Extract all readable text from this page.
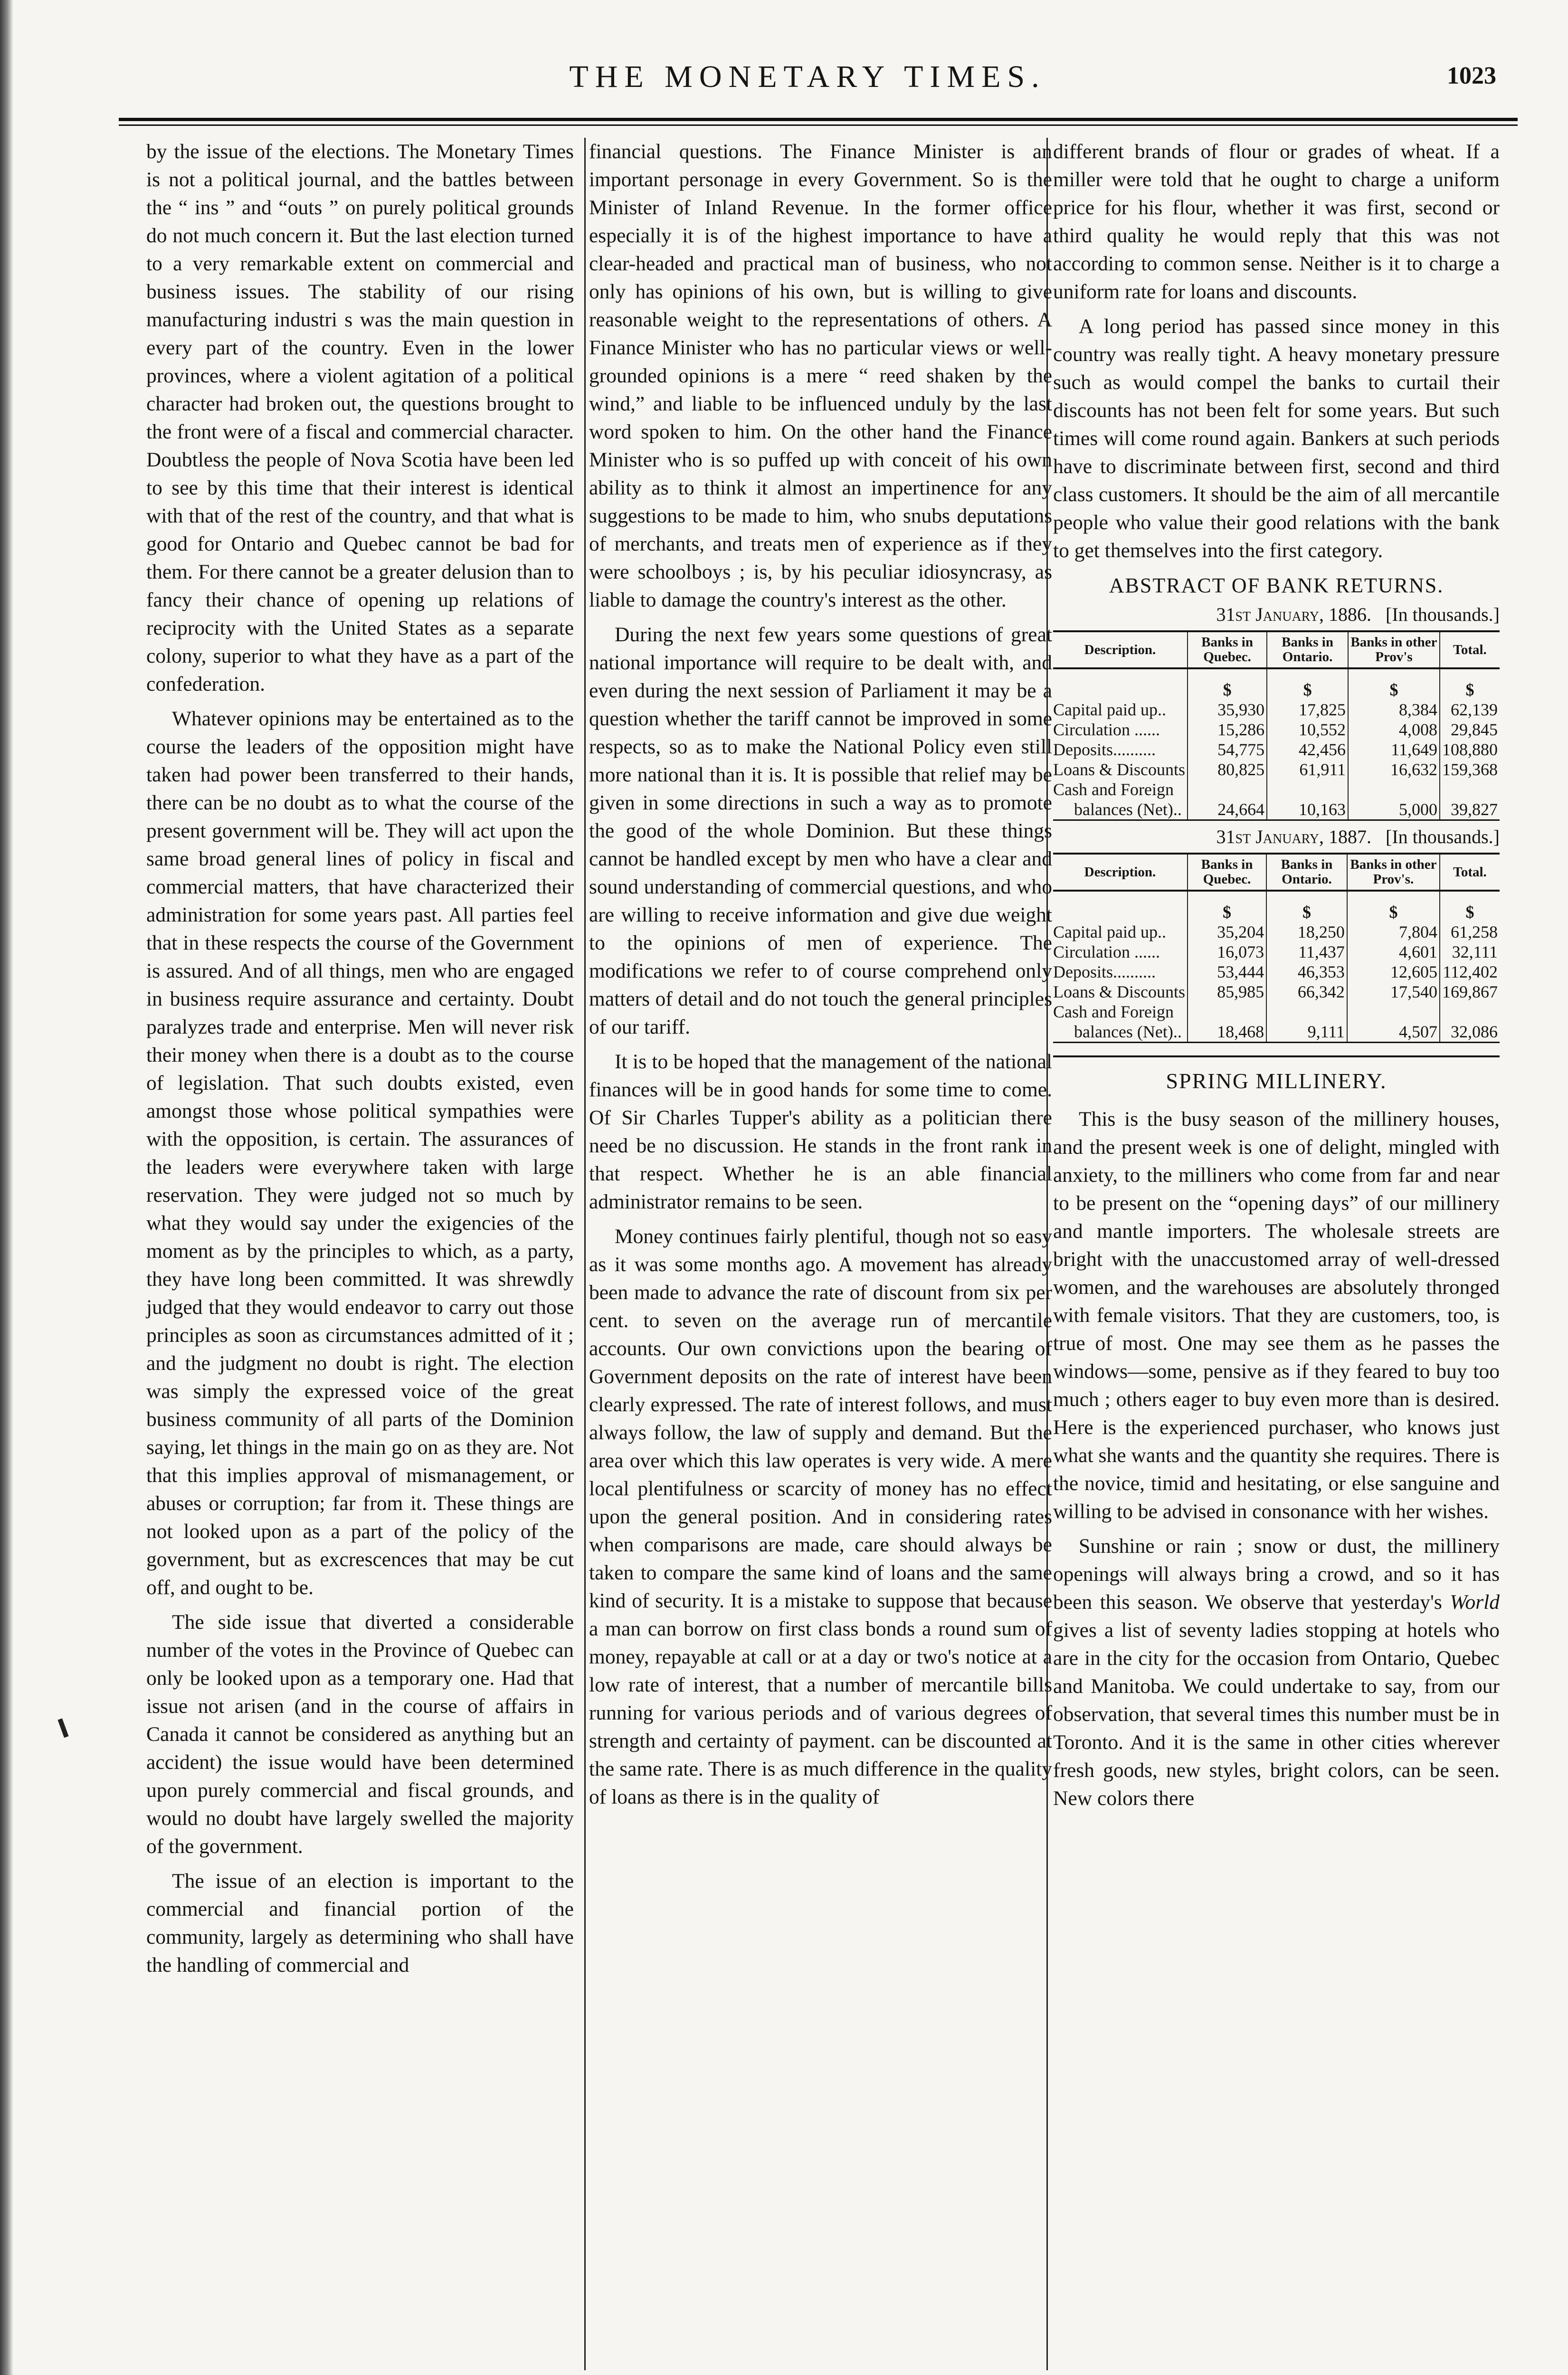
THE MONETARY TIMES.	1023

by the issue of the elections. The Monetary Times is not a political journal, and the battles between the “ ins ” and “outs ” on purely political grounds do not much concern it. But the last election turned to a very remarkable extent on commercial and business issues. The stability of our rising manufacturing industri s was the main question in every part of the country. Even in the lower provinces, where a violent agitation of a political character had broken out, the questions brought to the front were of a fiscal and commercial character. Doubtless the people of Nova Scotia have been led to see by this time that their interest is identical with that of the rest of the country, and that what is good for Ontario and Quebec cannot be bad for them. For there cannot be a greater delusion than to fancy their chance of opening up relations of reciprocity with the United States as a separate colony, superior to what they have as a part of the confederation.

Whatever opinions may be entertained as to the course the leaders of the opposition might have taken had power been transferred to their hands, there can be no doubt as to what the course of the present government will be. They will act upon the same broad general lines of policy in fiscal and commercial matters, that have characterized their administration for some years past. All parties feel that in these respects the course of the Government is assured. And of all things, men who are engaged in business require assurance and certainty. Doubt paralyzes trade and enterprise. Men will never risk their money when there is a doubt as to the course of legislation. That such doubts existed, even amongst those whose political sympathies were with the opposition, is certain. The assurances of the leaders were everywhere taken with large reservation. They were judged not so much by what they would say under the exigencies of the moment as by the principles to which, as a party, they have long been committed. It was shrewdly judged that they would endeavor to carry out those principles as soon as circumstances admitted of it ; and the judgment no doubt is right. The election was simply the expressed voice of the great business community of all parts of the Dominion saying, let things in the main go on as they are. Not that this implies approval of mismanagement, or abuses or corruption; far from it. These things are not looked upon as a part of the policy of the government, but as excrescences that may be cut off, and ought to be.

The side issue that diverted a considerable number of the votes in the Province of Quebec can only be looked upon as a temporary one. Had that issue not arisen (and in the course of affairs in Canada it cannot be considered as anything but an accident) the issue would have been determined upon purely commercial and fiscal grounds, and would no doubt have largely swelled the majority of the government.

The issue of an election is important to the commercial and financial portion of the community, largely as determining who shall have the handling of commercial and

financial questions. The Finance Minister is an important personage in every Government. So is the Minister of Inland Revenue. In the former office especially it is of the highest importance to have a clear-headed and practical man of business, who not only has opinions of his own, but is willing to give reasonable weight to the representations of others. A Finance Minister who has no particular views or well-grounded opinions is a mere “ reed shaken by the wind,” and liable to be influenced unduly by the last word spoken to him. On the other hand the Finance Minister who is so puffed up with conceit of his own ability as to think it almost an impertinence for any suggestions to be made to him, who snubs deputations of merchants, and treats men of experience as if they were schoolboys ; is, by his peculiar idiosyncrasy, as liable to damage the country's interest as the other.

During the next few years some questions of great national importance will require to be dealt with, and even during the next session of Parliament it may be a question whether the tariff cannot be improved in some respects, so as to make the National Policy even still more national than it is. It is possible that relief may be given in some directions in such a way as to promote the good of the whole Dominion. But these things cannot be handled except by men who have a clear and sound understanding of commercial questions, and who are willing to receive information and give due weight to the opinions of men of experience. The modifications we refer to of course comprehend only matters of detail and do not touch the general principles of our tariff.

It is to be hoped that the management of the national finances will be in good hands for some time to come. Of Sir Charles Tupper's ability as a politician there need be no discussion. He stands in the front rank in that respect. Whether he is an able financial administrator remains to be seen.

Money continues fairly plentiful, though not so easy as it was some months ago. A movement has already been made to advance the rate of discount from six per cent. to seven on the average run of mercantile accounts. Our own convictions upon the bearing of Government deposits on the rate of interest have been clearly expressed. The rate of interest follows, and must always follow, the law of supply and demand. But the area over which this law operates is very wide. A mere local plentifulness or scarcity of money has no effect upon the general position. And in considering rates when comparisons are made, care should always be taken to compare the same kind of loans and the same kind of security. It is a mistake to suppose that because a man can borrow on first class bonds a round sum of money, repayable at call or at a day or two's notice at a low rate of interest, that a number of mercantile bills running for various periods and of various degrees of strength and certainty of payment. can be discounted at the same rate. There is as much difference in the quality of loans as there is in the quality of

different brands of flour or grades of wheat. If a miller were told that he ought to charge a uniform price for his flour, whether it was first, second or third quality he would reply that this was not according to common sense. Neither is it to charge a uniform rate for loans and discounts.

A long period has passed since money in this country was really tight. A heavy monetary pressure such as would compel the banks to curtail their discounts has not been felt for some years. But such times will come round again. Bankers at such periods have to discriminate between first, second and third class customers. It should be the aim of all mercantile people who value their good relations with the bank to get themselves into the first category.

ABSTRACT OF BANK RETURNS.
31st January, 1886. [In thousands.]
Description.	Banks in Quebec.	Banks in Ontario.	Banks in other Prov's	Total.
	$	$	$	$
Capital paid up..	35,930	17,825	8,384	62,139
Circulation ......	15,286	10,552	4,008	29,845
Deposits..........	54,775	42,456	11,649	108,880
Loans & Discounts	80,825	61,911	16,632	159,368
Cash and Foreign				
balances (Net)..	24,664	10,163	5,000	39,827
31st January, 1887. [In thousands.]
Description.	Banks in Quebec.	Banks in Ontario.	Banks in other Prov's.	Total.
	$	$	$	$
Capital paid up..	35,204	18,250	7,804	61,258
Circulation ......	16,073	11,437	4,601	32,111
Deposits..........	53,444	46,353	12,605	112,402
Loans & Discounts	85,985	66,342	17,540	169,867
Cash and Foreign				
balances (Net)..	18,468	9,111	4,507	32,086
SPRING MILLINERY.

This is the busy season of the millinery houses, and the present week is one of delight, mingled with anxiety, to the milliners who come from far and near to be present on the “opening days” of our millinery and mantle importers. The wholesale streets are bright with the unaccustomed array of well-dressed women, and the warehouses are absolutely thronged with female visitors. That they are customers, too, is true of most. One may see them as he passes the windows—some, pensive as if they feared to buy too much ; others eager to buy even more than is desired. Here is the experienced purchaser, who knows just what she wants and the quantity she requires. There is the novice, timid and hesitating, or else sanguine and willing to be advised in consonance with her wishes.

Sunshine or rain ; snow or dust, the millinery openings will always bring a crowd, and so it has been this season. We observe that yesterday's World gives a list of seventy ladies stopping at hotels who are in the city for the occasion from Ontario, Quebec and Manitoba. We could undertake to say, from our observation, that several times this number must be in Toronto. And it is the same in other cities wherever fresh goods, new styles, bright colors, can be seen. New colors there
